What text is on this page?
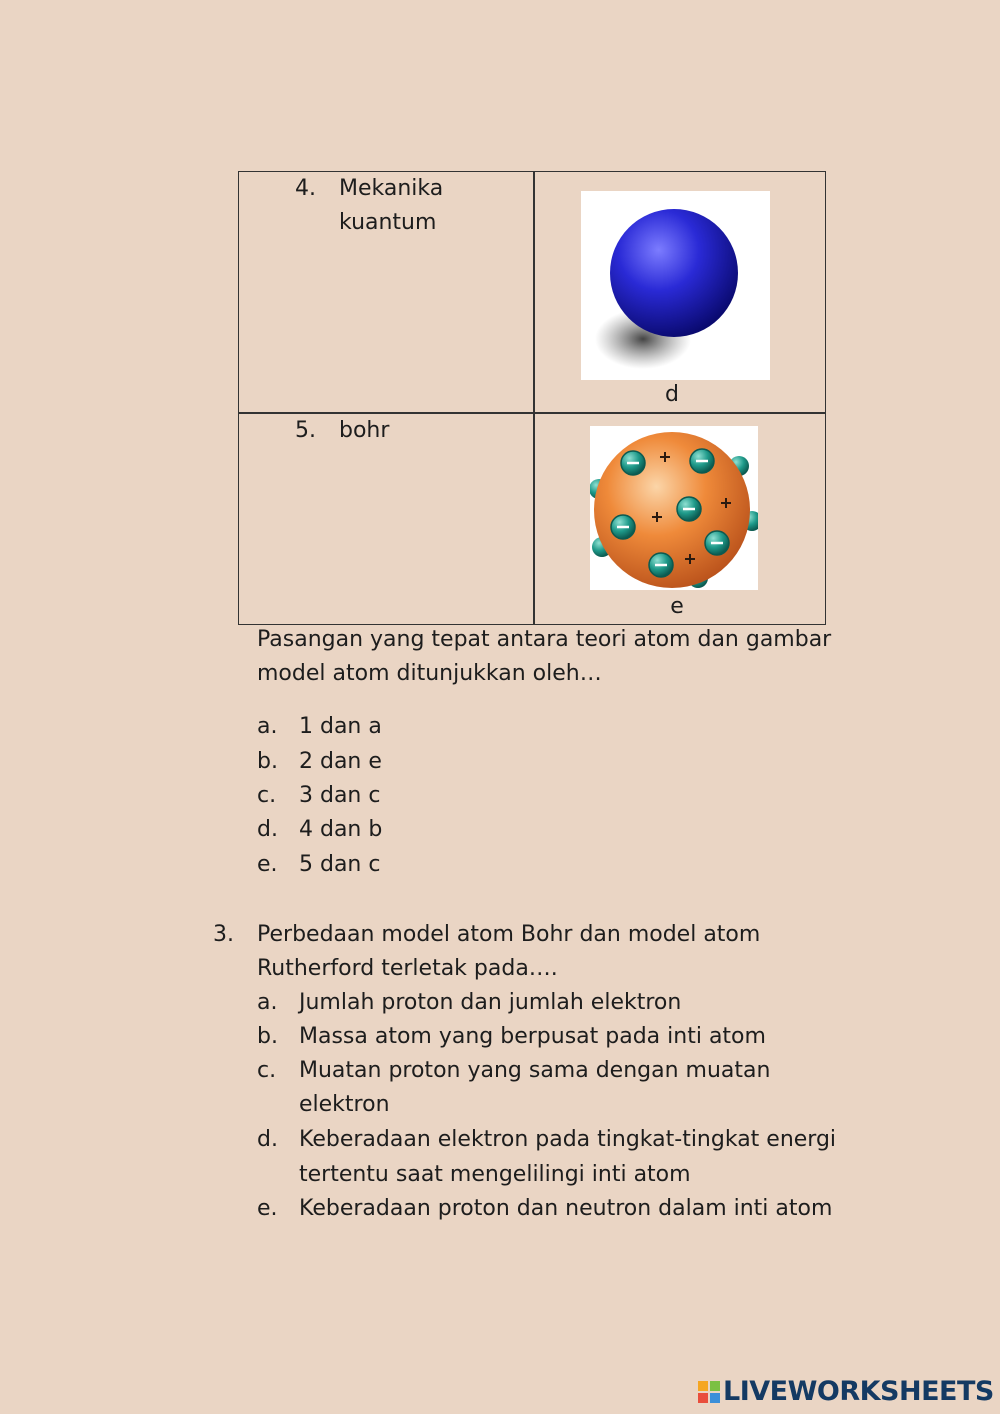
4. Mekanika
kuantum
d
5. bohr
e
Pasangan yang tepat antara teori atom dan gambar
model atom ditunjukkan oleh…
a. 1 dan a
b. 2 dan e
c. 3 dan c
d. 4 dan b
e. 5 dan c
3. Perbedaan model atom Bohr dan model atom
Rutherford terletak pada….
a. Jumlah proton dan jumlah elektron
b. Massa atom yang berpusat pada inti atom
c. Muatan proton yang sama dengan muatan
elektron
d. Keberadaan elektron pada tingkat-tingkat energi
tertentu saat mengelilingi inti atom
e. Keberadaan proton dan neutron dalam inti atom
LIVEWORKSHEETS
